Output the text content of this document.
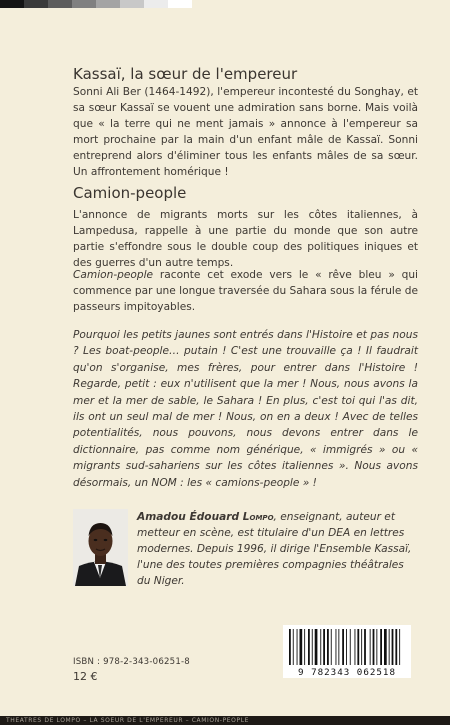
Kassaï, la sœur de l'empereur
Sonni Ali Ber (1464-1492), l'empereur incontesté du Songhay, et sa sœur Kassaï se vouent une admiration sans borne. Mais voilà que « la terre qui ne ment jamais » annonce à l'empereur sa mort prochaine par la main d'un enfant mâle de Kassaï. Sonni entreprend alors d'éliminer tous les enfants mâles de sa sœur. Un affrontement homérique !
Camion-people
L'annonce de migrants morts sur les côtes italiennes, à Lampedusa, rappelle à une partie du monde que son autre partie s'effondre sous le double coup des politiques iniques et des guerres d'un autre temps.
Camion-people raconte cet exode vers le « rêve bleu » qui commence par une longue traversée du Sahara sous la férule de passeurs impitoyables.
Pourquoi les petits jaunes sont entrés dans l'Histoire et pas nous ? Les boat-people… putain ! C'est une trouvaille ça ! Il faudrait qu'on s'organise, mes frères, pour entrer dans l'Histoire ! Regarde, petit : eux n'utilisent que la mer ! Nous, nous avons la mer et la mer de sable, le Sahara ! En plus, c'est toi qui l'as dit, ils ont un seul mal de mer ! Nous, on en a deux ! Avec de telles potentialités, nous pouvons, nous devons entrer dans le dictionnaire, pas comme nom générique, « immigrés » ou « migrants sud-sahariens sur les côtes italiennes ». Nous avons désormais, un NOM : les « camions-people » !
Amadou Édouard Lompo, enseignant, auteur et metteur en scène, est titulaire d'un DEA en lettres modernes. Depuis 1996, il dirige l'Ensemble Kassaï, l'une des toutes premières compagnies théâtrales du Niger.
ISBN : 978-2-343-06251-8
12 €	9 782343 062518
THEATRES DE LOMPO – LA SOEUR DE L'EMPEREUR – CAMION-PEOPLE
